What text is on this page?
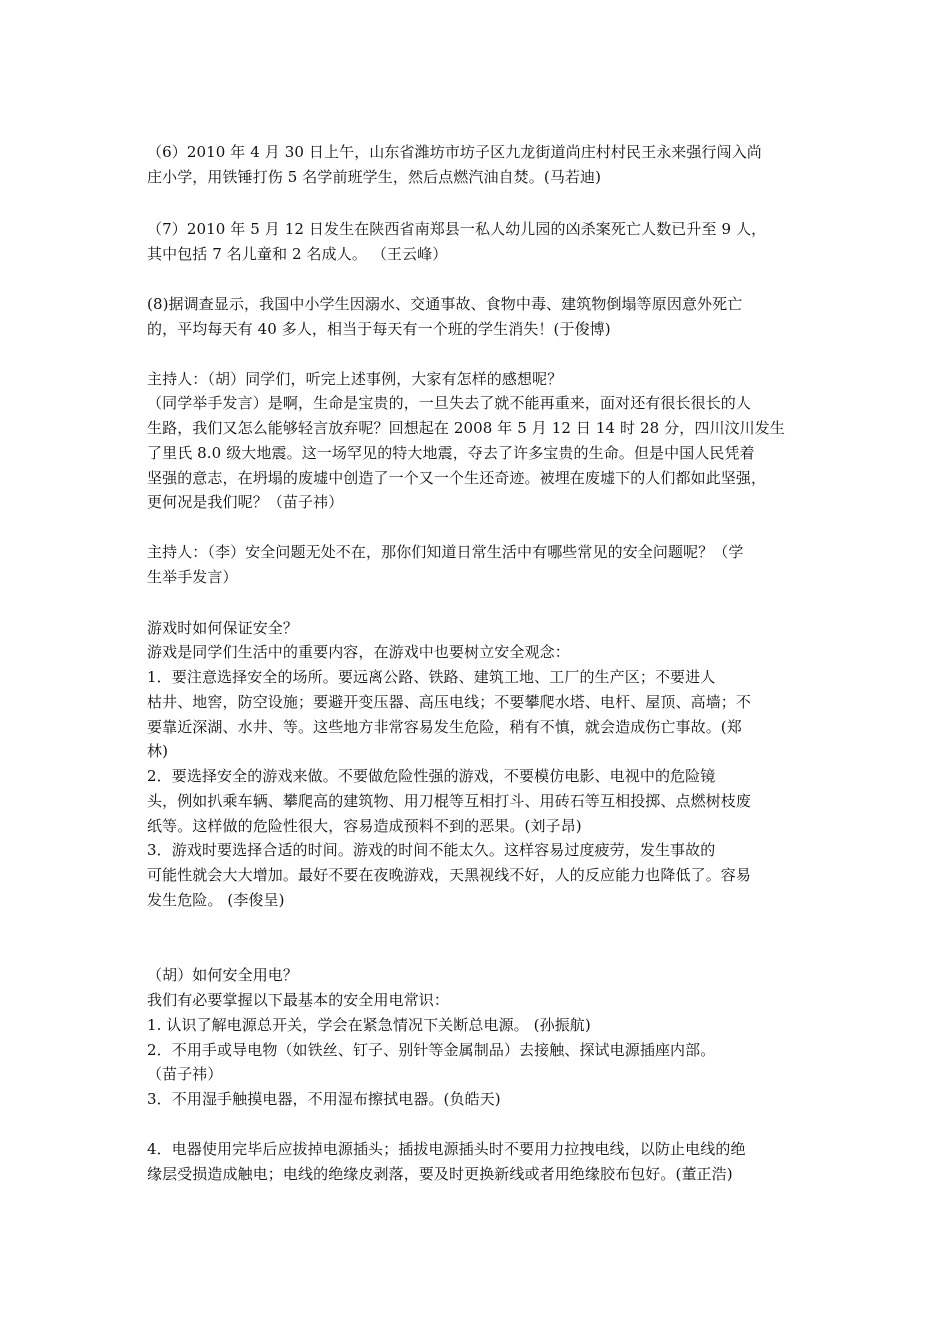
（6）2010 年 4 月 30 日上午，山东省潍坊市坊子区九龙街道尚庄村村民王永来强行闯入尚
庄小学，用铁锤打伤 5 名学前班学生，然后点燃汽油自焚。(马若迪)
（7）2010 年 5 月 12 日发生在陕西省南郑县一私人幼儿园的凶杀案死亡人数已升至 9 人，
其中包括 7 名儿童和 2 名成人。 （王云峰）
(8)据调查显示，我国中小学生因溺水、交通事故、食物中毒、建筑物倒塌等原因意外死亡
的，平均每天有 40 多人，相当于每天有一个班的学生消失！(于俊博)
主持人：（胡）同学们，听完上述事例，大家有怎样的感想呢？
（同学举手发言）是啊，生命是宝贵的，一旦失去了就不能再重来，面对还有很长很长的人
生路，我们又怎么能够轻言放弃呢？回想起在 2008 年 5 月 12 日 14 时 28 分，四川汶川发生
了里氏 8.0 级大地震。这一场罕见的特大地震，夺去了许多宝贵的生命。但是中国人民凭着
坚强的意志，在坍塌的废墟中创造了一个又一个生还奇迹。被埋在废墟下的人们都如此坚强，
更何况是我们呢？（苗子祎）
主持人：（李）安全问题无处不在，那你们知道日常生活中有哪些常见的安全问题呢？（学
生举手发言）
游戏时如何保证安全？
游戏是同学们生活中的重要内容，在游戏中也要树立安全观念：
1．要注意选择安全的场所。要远离公路、铁路、建筑工地、工厂的生产区；不要进人
枯井、地窖，防空设施；要避开变压器、高压电线；不要攀爬水塔、电杆、屋顶、高墙；不
要靠近深湖、水井、等。这些地方非常容易发生危险，稍有不慎，就会造成伤亡事故。(郑
林)
2．要选择安全的游戏来做。不要做危险性强的游戏，不要模仿电影、电视中的危险镜
头，例如扒乘车辆、攀爬高的建筑物、用刀棍等互相打斗、用砖石等互相投掷、点燃树枝废
纸等。这样做的危险性很大，容易造成预料不到的恶果。(刘子昂)
3．游戏时要选择合适的时间。游戏的时间不能太久。这样容易过度疲劳，发生事故的
可能性就会大大增加。最好不要在夜晚游戏，天黑视线不好，人的反应能力也降低了。容易
发生危险。 (李俊呈)
（胡）如何安全用电？
我们有必要掌握以下最基本的安全用电常识：
1. 认识了解电源总开关，学会在紧急情况下关断总电源。 (孙振航)
2．不用手或导电物（如铁丝、钉子、别针等金属制品）去接触、探试电源插座内部。
（苗子祎）
3．不用湿手触摸电器，不用湿布擦拭电器。(负皓天)
4．电器使用完毕后应拔掉电源插头；插拔电源插头时不要用力拉拽电线，以防止电线的绝
缘层受损造成触电；电线的绝缘皮剥落，要及时更换新线或者用绝缘胶布包好。(董正浩)
